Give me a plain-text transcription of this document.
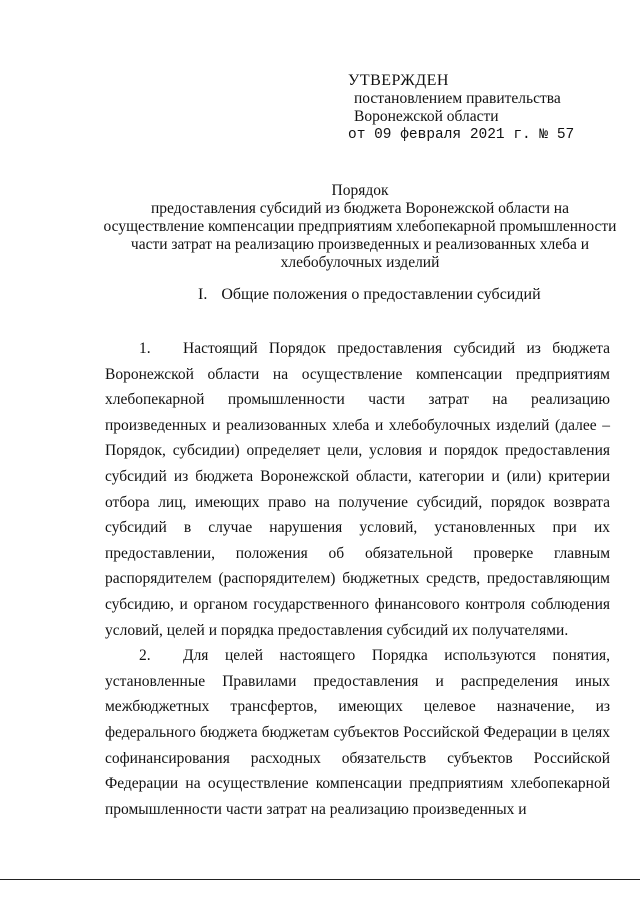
УТВЕРЖДЕН
постановлением правительства
Воронежской области
от 09 февраля 2021 г. № 57
Порядок
предоставления субсидий из бюджета Воронежской области на
осуществление компенсации предприятиям хлебопекарной промышленности
части затрат на реализацию произведенных и реализованных хлеба и
хлебобулочных изделий
I. Общие положения о предоставлении субсидий

1. Настоящий Порядок предоставления субсидий из бюджета Воронежской области на осуществление компенсации предприятиям хлебопекарной промышленности части затрат на реализацию произведенных и реализованных хлеба и хлебобулочных изделий (далее – Порядок, субсидии) определяет цели, условия и порядок предоставления субсидий из бюджета Воронежской области, категории и (или) критерии отбора лиц, имеющих право на получение субсидий, порядок возврата субсидий в случае нарушения условий, установленных при их предоставлении, положения об обязательной проверке главным распорядителем (распорядителем) бюджетных средств, предоставляющим субсидию, и органом государственного финансового контроля соблюдения условий, целей и порядка предоставления субсидий их получателями.

2. Для целей настоящего Порядка используются понятия, установленные Правилами предоставления и распределения иных межбюджетных трансфертов, имеющих целевое назначение, из федерального бюджета бюджетам субъектов Российской Федерации в целях софинансирования расходных обязательств субъектов Российской Федерации на осуществление компенсации предприятиям хлебопекарной промышленности части затрат на реализацию произведенных и
